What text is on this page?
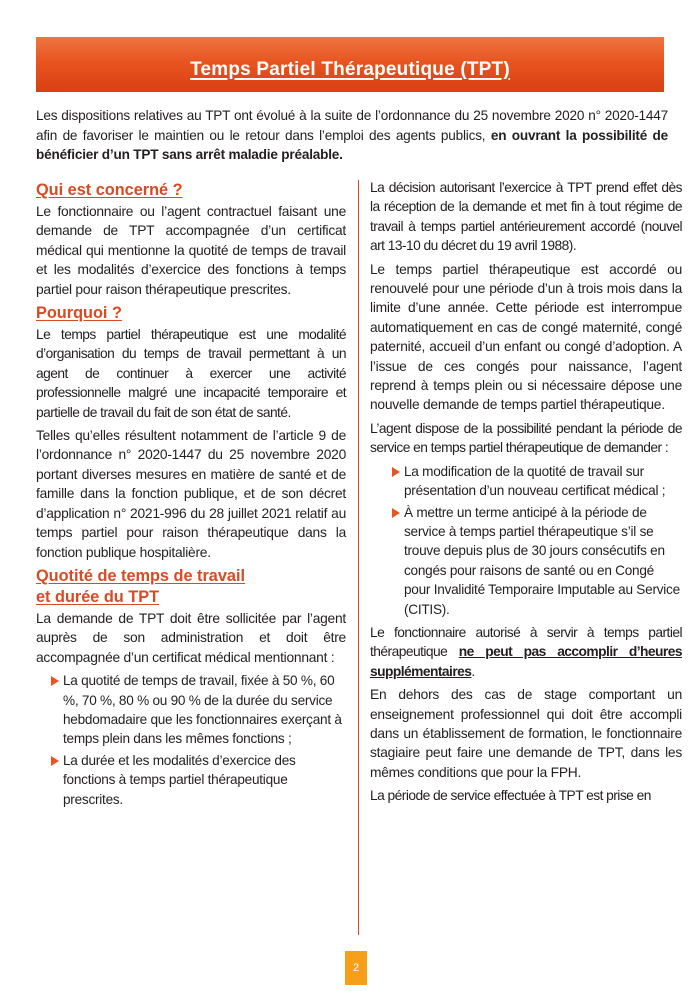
Temps Partiel Thérapeutique (TPT)
Les dispositions relatives au TPT ont évolué à la suite de l’ordonnance du 25 novembre 2020 n° 2020-1447 afin de favoriser le maintien ou le retour dans l’emploi des agents publics, en ouvrant la possibilité de bénéficier d’un TPT sans arrêt maladie préalable.
Qui est concerné ?

Le fonctionnaire ou l’agent contractuel faisant une demande de TPT accompagnée d’un certificat médical qui mentionne la quotité de temps de travail et les modalités d’exercice des fonctions à temps partiel pour raison thérapeutique prescrites.

Pourquoi ?

Le temps partiel thérapeutique est une modalité d’organisation du temps de travail permettant à un agent de continuer à exercer une activité professionnelle malgré une incapacité temporaire et partielle de travail du fait de son état de santé.

Telles qu’elles résultent notamment de l’article 9 de l’ordonnance n° 2020-1447 du 25 novembre 2020 portant diverses mesures en matière de santé et de famille dans la fonction publique, et de son décret d’application n° 2021-996 du 28 juillet 2021 relatif au temps partiel pour raison thérapeutique dans la fonction publique hospitalière.

Quotité de temps de travail
et durée du TPT

La demande de TPT doit être sollicitée par l’agent auprès de son administration et doit être accompagnée d’un certificat médical mentionnant :

La quotité de temps de travail, fixée à 50 %, 60 %, 70 %, 80 % ou 90 % de la durée du service hebdomadaire que les fonctionnaires exerçant à temps plein dans les mêmes fonctions ;
La durée et les modalités d’exercice des fonctions à temps partiel thérapeutique prescrites.

La décision autorisant l’exercice à TPT prend effet dès la réception de la demande et met fin à tout régime de travail à temps partiel antérieurement accordé (nouvel art 13-10 du décret du 19 avril 1988).

Le temps partiel thérapeutique est accordé ou renouvelé pour une période d’un à trois mois dans la limite d’une année. Cette période est interrompue automatiquement en cas de congé maternité, congé paternité, accueil d’un enfant ou congé d’adoption. A l’issue de ces congés pour naissance, l’agent reprend à temps plein ou si nécessaire dépose une nouvelle demande de temps partiel thérapeutique.

L’agent dispose de la possibilité pendant la période de service en temps partiel thérapeutique de demander :

La modification de la quotité de travail sur présentation d’un nouveau certificat médical ;
À mettre un terme anticipé à la période de service à temps partiel thérapeutique s’il se trouve depuis plus de 30 jours consécutifs en congés pour raisons de santé ou en Congé pour Invalidité Temporaire Imputable au Service (CITIS).

Le fonctionnaire autorisé à servir à temps partiel thérapeutique ne peut pas accomplir d’heures supplémentaires.

En dehors des cas de stage comportant un enseignement professionnel qui doit être accompli dans un établissement de formation, le fonctionnaire stagiaire peut faire une demande de TPT, dans les mêmes conditions que pour la FPH.

La période de service effectuée à TPT est prise en

2
